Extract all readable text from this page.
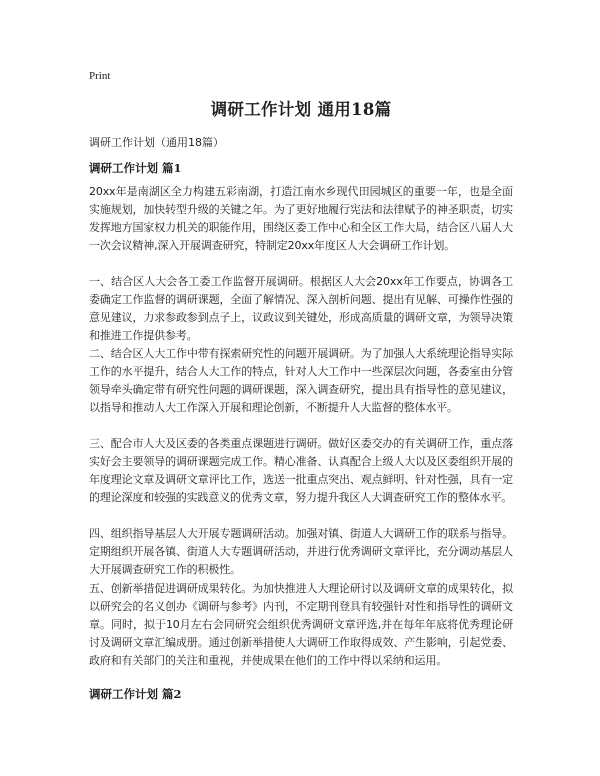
Print
调研工作计划 通用18篇
调研工作计划（通用18篇）
调研工作计划 篇1

20xx年是南湖区全力构建五彩南湖，打造江南水乡现代田园城区的重要一年，也是全面实施规划，加快转型升级的关键之年。为了更好地履行宪法和法律赋予的神圣职责，切实发挥地方国家权力机关的职能作用，围绕区委工作中心和全区工作大局，结合区八届人大一次会议精神,深入开展调查研究，特制定20xx年度区人大会调研工作计划。

一、结合区人大会各工委工作监督开展调研。根据区人大会20xx年工作要点，协调各工委确定工作监督的调研课题，全面了解情况、深入剖析问题、提出有见解、可操作性强的意见建议，力求参政参到点子上，议政议到关键处，形成高质量的调研文章，为领导决策和推进工作提供参考。

二、结合区人大工作中带有探索研究性的问题开展调研。为了加强人大系统理论指导实际工作的水平提升，结合人大工作的特点，针对人大工作中一些深层次问题，各委室由分管领导牵头确定带有研究性问题的调研课题，深入调查研究，提出具有指导性的意见建议，以指导和推动人大工作深入开展和理论创新，不断提升人大监督的整体水平。

三、配合市人大及区委的各类重点课题进行调研。做好区委交办的有关调研工作，重点落实好会主要领导的调研课题完成工作。精心准备、认真配合上级人大以及区委组织开展的年度理论文章及调研文章评比工作，选送一批重点突出、观点鲜明、针对性强，具有一定的理论深度和较强的实践意义的优秀文章，努力提升我区人大调查研究工作的整体水平。

四、组织指导基层人大开展专题调研活动。加强对镇、街道人大调研工作的联系与指导。定期组织开展各镇、街道人大专题调研活动，并进行优秀调研文章评比，充分调动基层人大开展调查研究工作的积极性。

五、创新举措促进调研成果转化。为加快推进人大理论研讨以及调研文章的成果转化，拟以研究会的名义创办《调研与参考》内刊，不定期刊登具有较强针对性和指导性的调研文章。同时，拟于10月左右会同研究会组织优秀调研文章评选,并在每年年底将优秀理论研讨及调研文章汇编成册。通过创新举措使人大调研工作取得成效、产生影响，引起党委、政府和有关部门的关注和重视，并使成果在他们的工作中得以采纳和运用。

调研工作计划 篇2
